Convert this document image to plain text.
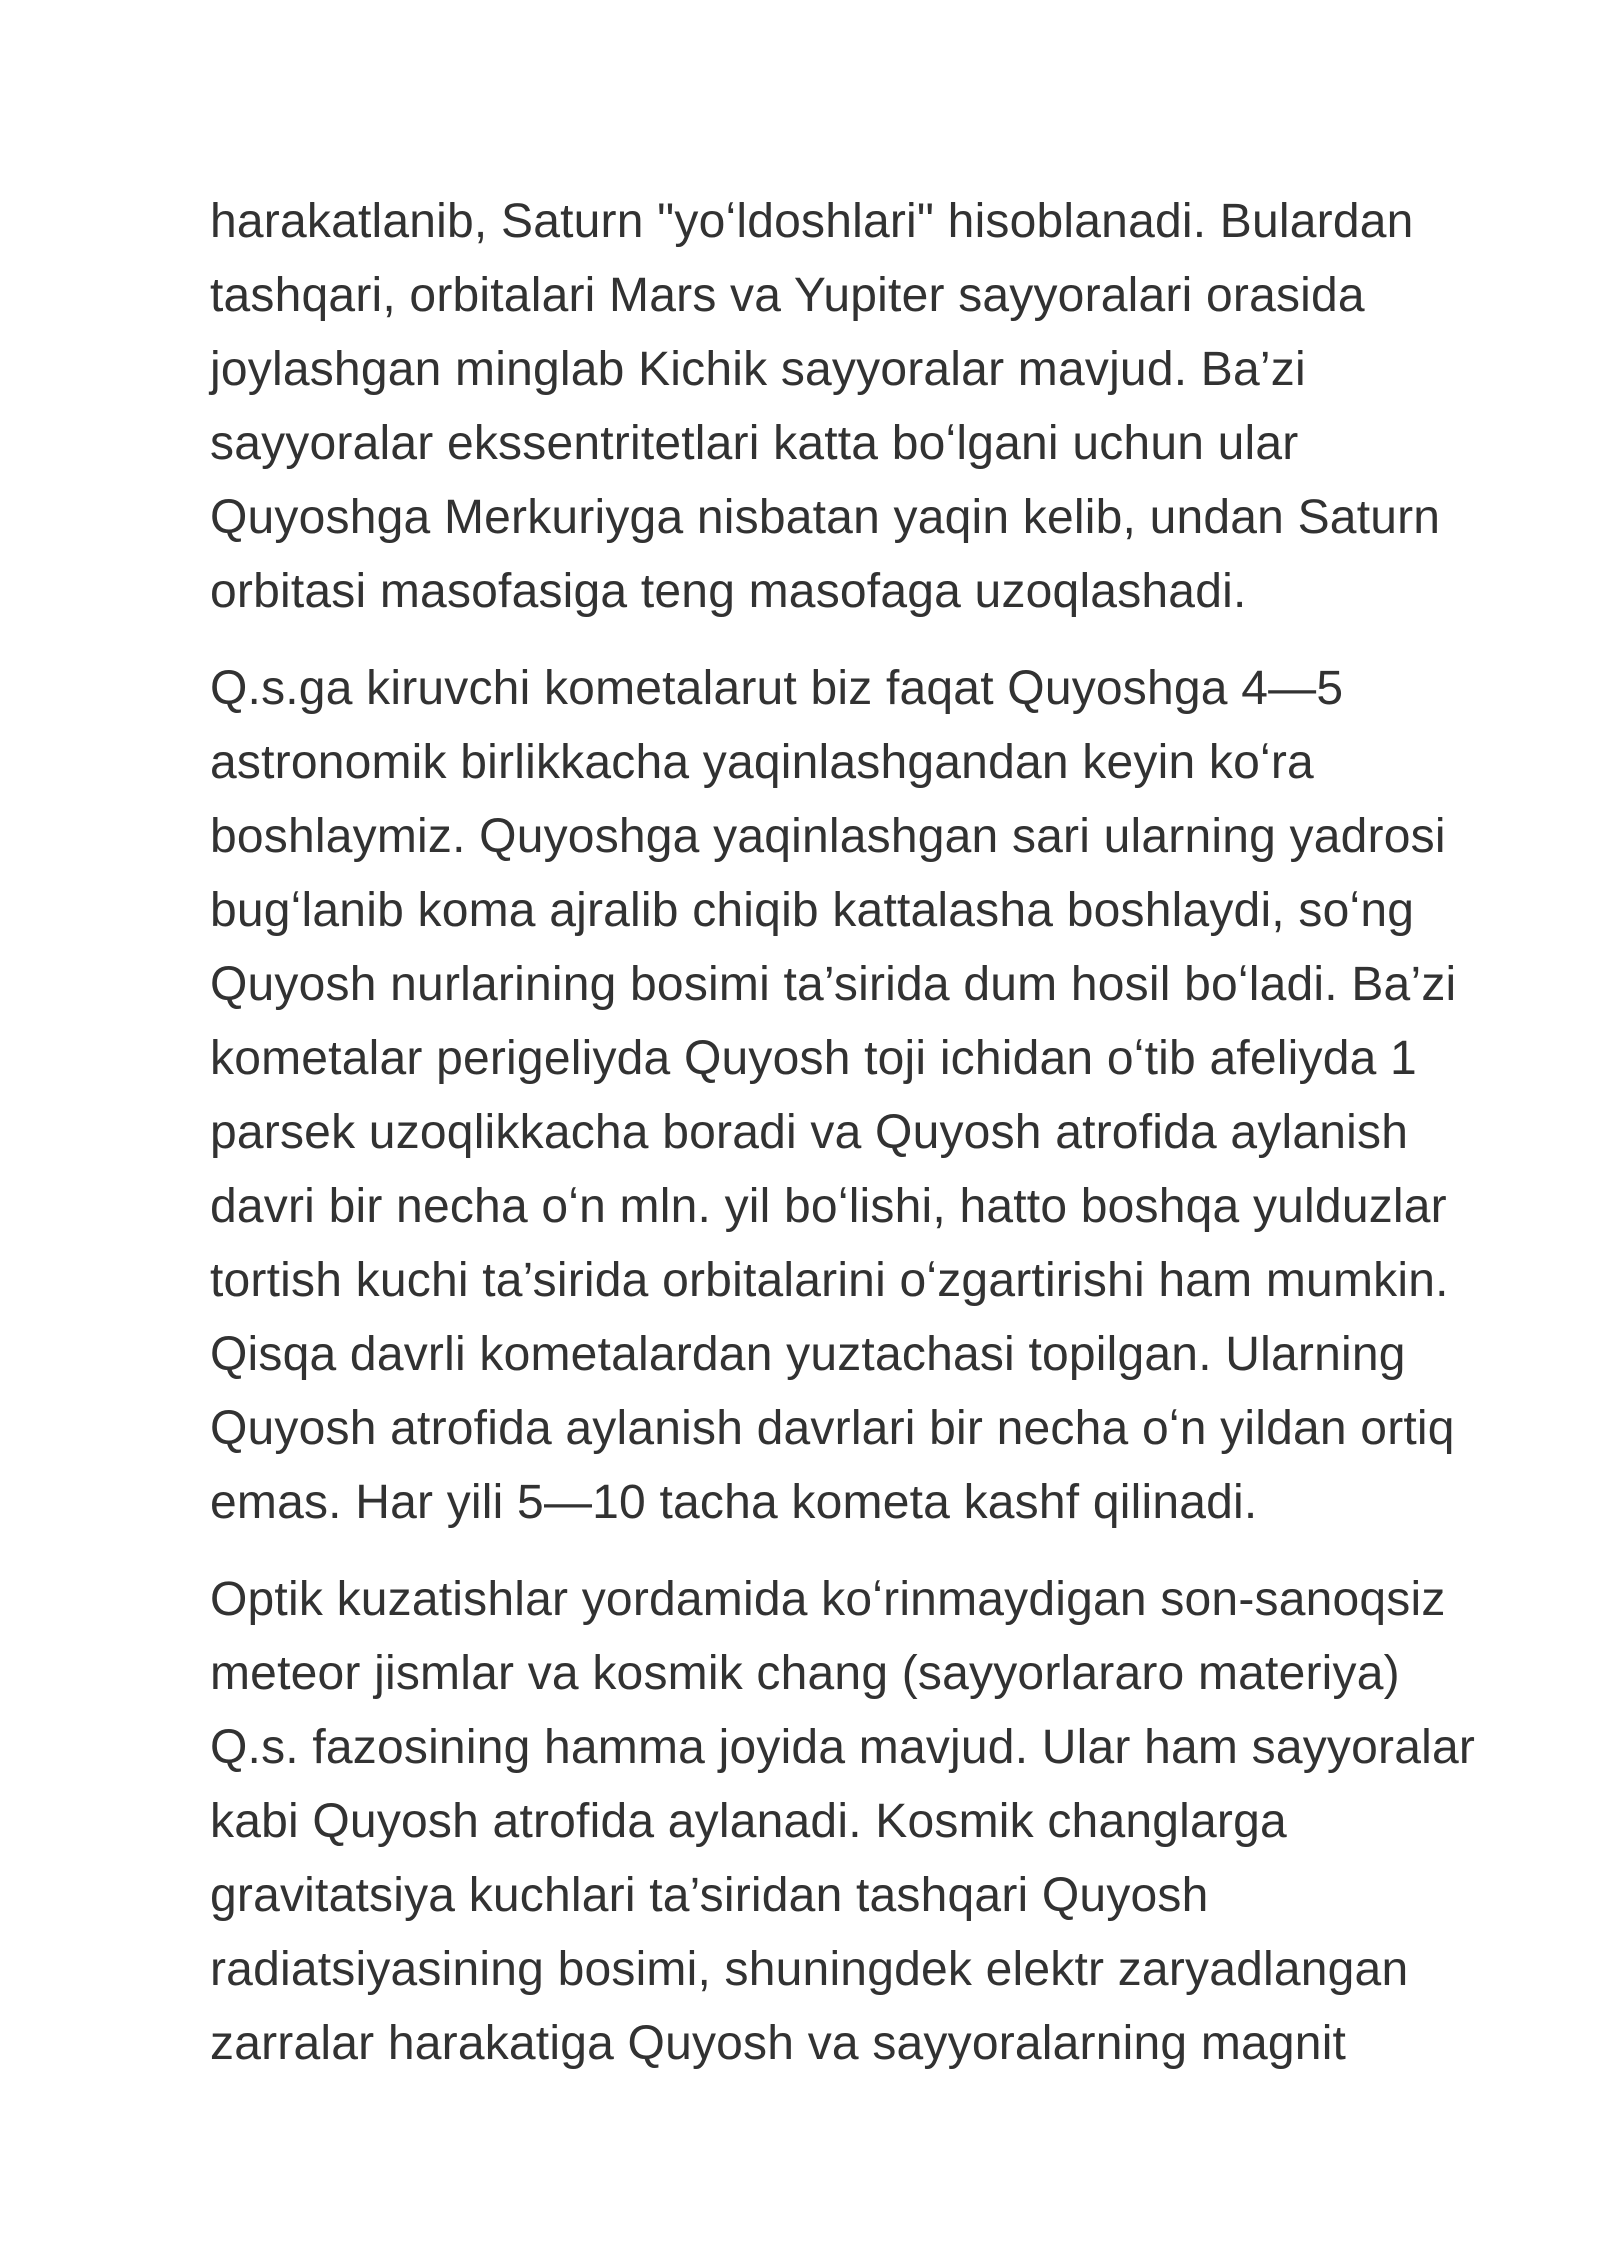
harakatlanib, Saturn "yoʻldoshlari" hisoblanadi. Bulardan
tashqari, orbitalari Mars va Yupiter sayyoralari orasida
joylashgan minglab Kichik sayyoralar mavjud. Ba’zi
sayyoralar ekssentritetlari katta boʻlgani uchun ular
Quyoshga Merkuriyga nisbatan yaqin kelib, undan Saturn
orbitasi masofasiga teng masofaga uzoqlashadi.
Q.s.ga kiruvchi kometalarut biz faqat Quyoshga 4—5
astronomik birlikkacha yaqinlashgandan keyin koʻra
boshlaymiz. Quyoshga yaqinlashgan sari ularning yadrosi
bugʻlanib koma ajralib chiqib kattalasha boshlaydi, soʻng
Quyosh nurlarining bosimi ta’sirida dum hosil boʻladi. Ba’zi
kometalar perigeliyda Quyosh toji ichidan oʻtib afeliyda 1
parsek uzoqlikkacha boradi va Quyosh atrofida aylanish
davri bir necha oʻn mln. yil boʻlishi, hatto boshqa yulduzlar
tortish kuchi ta’sirida orbitalarini oʻzgartirishi ham mumkin.
Qisqa davrli kometalardan yuztachasi topilgan. Ularning
Quyosh atrofida aylanish davrlari bir necha oʻn yildan ortiq
emas. Har yili 5—10 tacha kometa kashf qilinadi.
Optik kuzatishlar yordamida koʻrinmaydigan son-sanoqsiz
meteor jismlar va kosmik chang (sayyorlararo materiya)
Q.s. fazosining hamma joyida mavjud. Ular ham sayyoralar
kabi Quyosh atrofida aylanadi. Kosmik changlarga
gravitatsiya kuchlari ta’siridan tashqari Quyosh
radiatsiyasining bosimi, shuningdek elektr zaryadlangan
zarralar harakatiga Quyosh va sayyoralarning magnit
